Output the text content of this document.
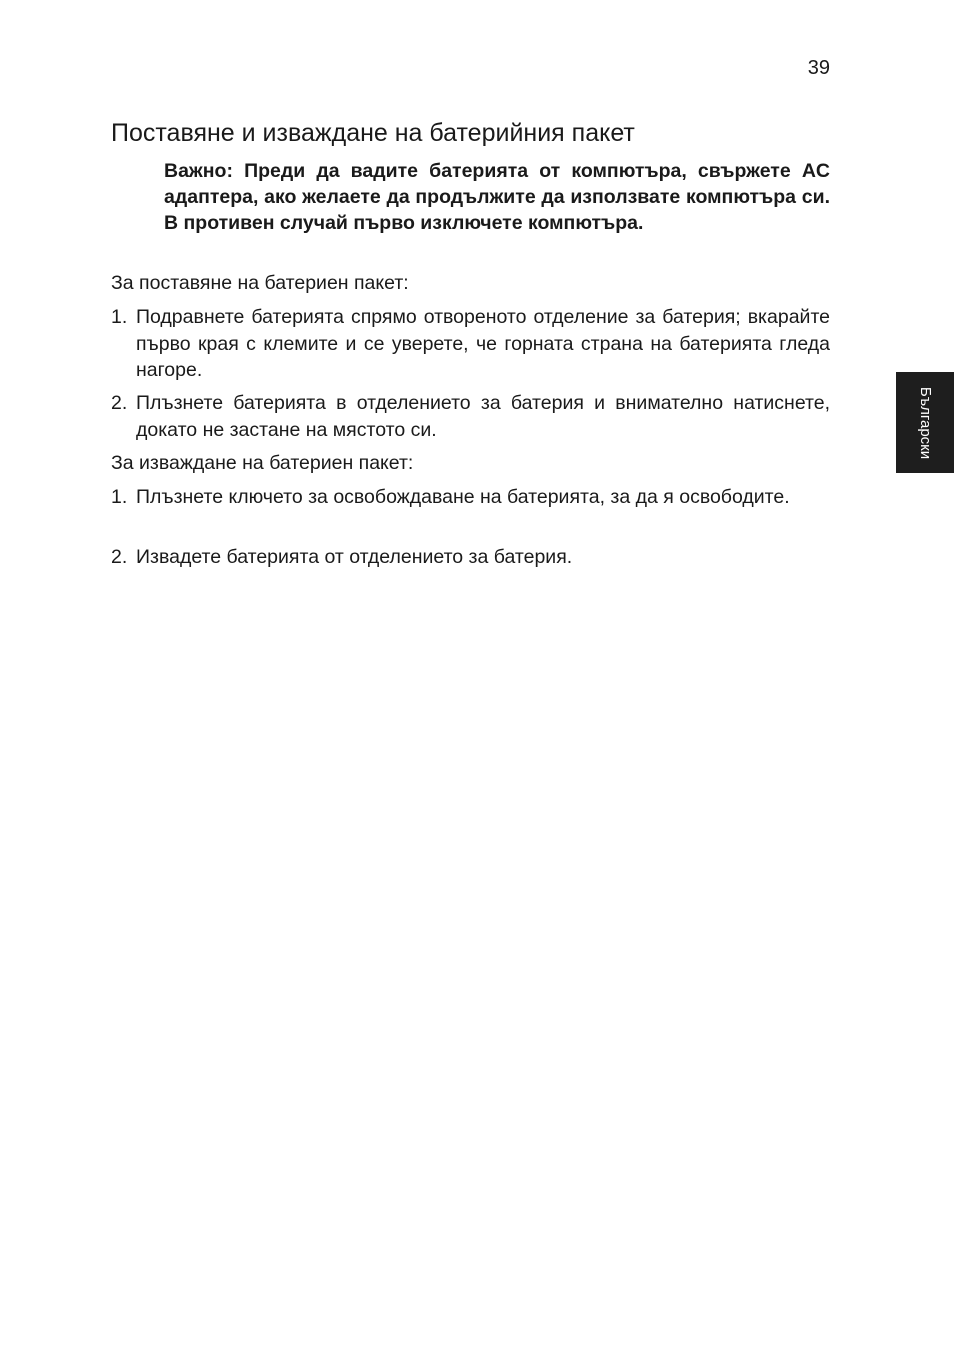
39
Български
Поставяне и изваждане на батерийния пакет

Важно: Преди да вадите батерията от компютъра, свържете AC адаптера, ако желаете да продължите да използвате компютъра си. В противен случай първо изключете компютъра.

За поставяне на батериен пакет:

1. Подравнете батерията спрямо отвореното отделение за батерия; вкарайте първо края с клемите и се уверете, че горната страна на батерията гледа нагоре.
2. Плъзнете батерията в отделението за батерия и внимателно натиснете, докато не застане на мястото си.

За изваждане на батериен пакет:

1. Плъзнете ключето за освобождаване на батерията, за да я освободите.
2. Извадете батерията от отделението за батерия.
